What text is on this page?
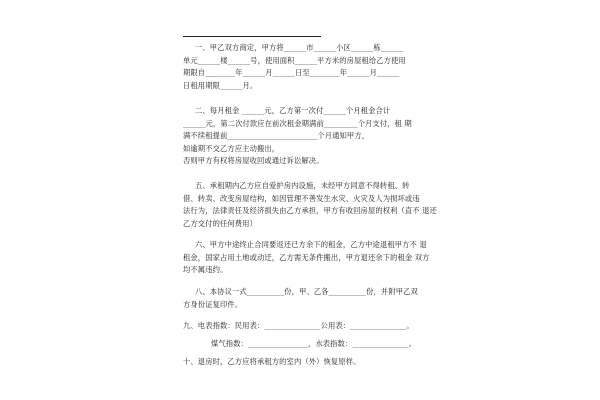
一、甲乙双方商定，甲方将______市______小区______栋______
单元______楼______号，使用面积______平方米的房屋租给乙方使用
期限自________年______月______日至________年______月______
日租用期限______月。
二、每月租金 ______元，乙方第一次付______个月租金合计
______元，第二次付款应在前次租金期满前_________个月支付，租 期
满不续租提前________________________个月通知甲方，
如逾期不交乙方应主动搬出，
否则甲方有权将房屋收回或通过诉讼解决。
五、承租期内乙方应自爱护房内设施，未经甲方同意不得转租、转
借、转卖、改变房屋结构，如因管理不善发生水灾、火灾及人为损坏或违
法行为，法律责任及经济损失由乙方承担，甲方有收回房屋的权利（直不 退还
乙方交付的任何费用）
六、甲方中途终止合同要返还已方余下的租金，乙方中途退租甲方不 退
租金，国家占用土地或动迁，乙方需无条件搬出，甲方退还余下的租金 双方
均不属违约。
八、本协议一式__________份，甲、乙各__________份，并附甲乙双
方身份证复印件。
九、电表指数：民用表：_______________公用表：_______________。
煤气指数：________________，水表指数：_______________。
十、退房时，乙方应将承租方的室内（外）恢复原样。
